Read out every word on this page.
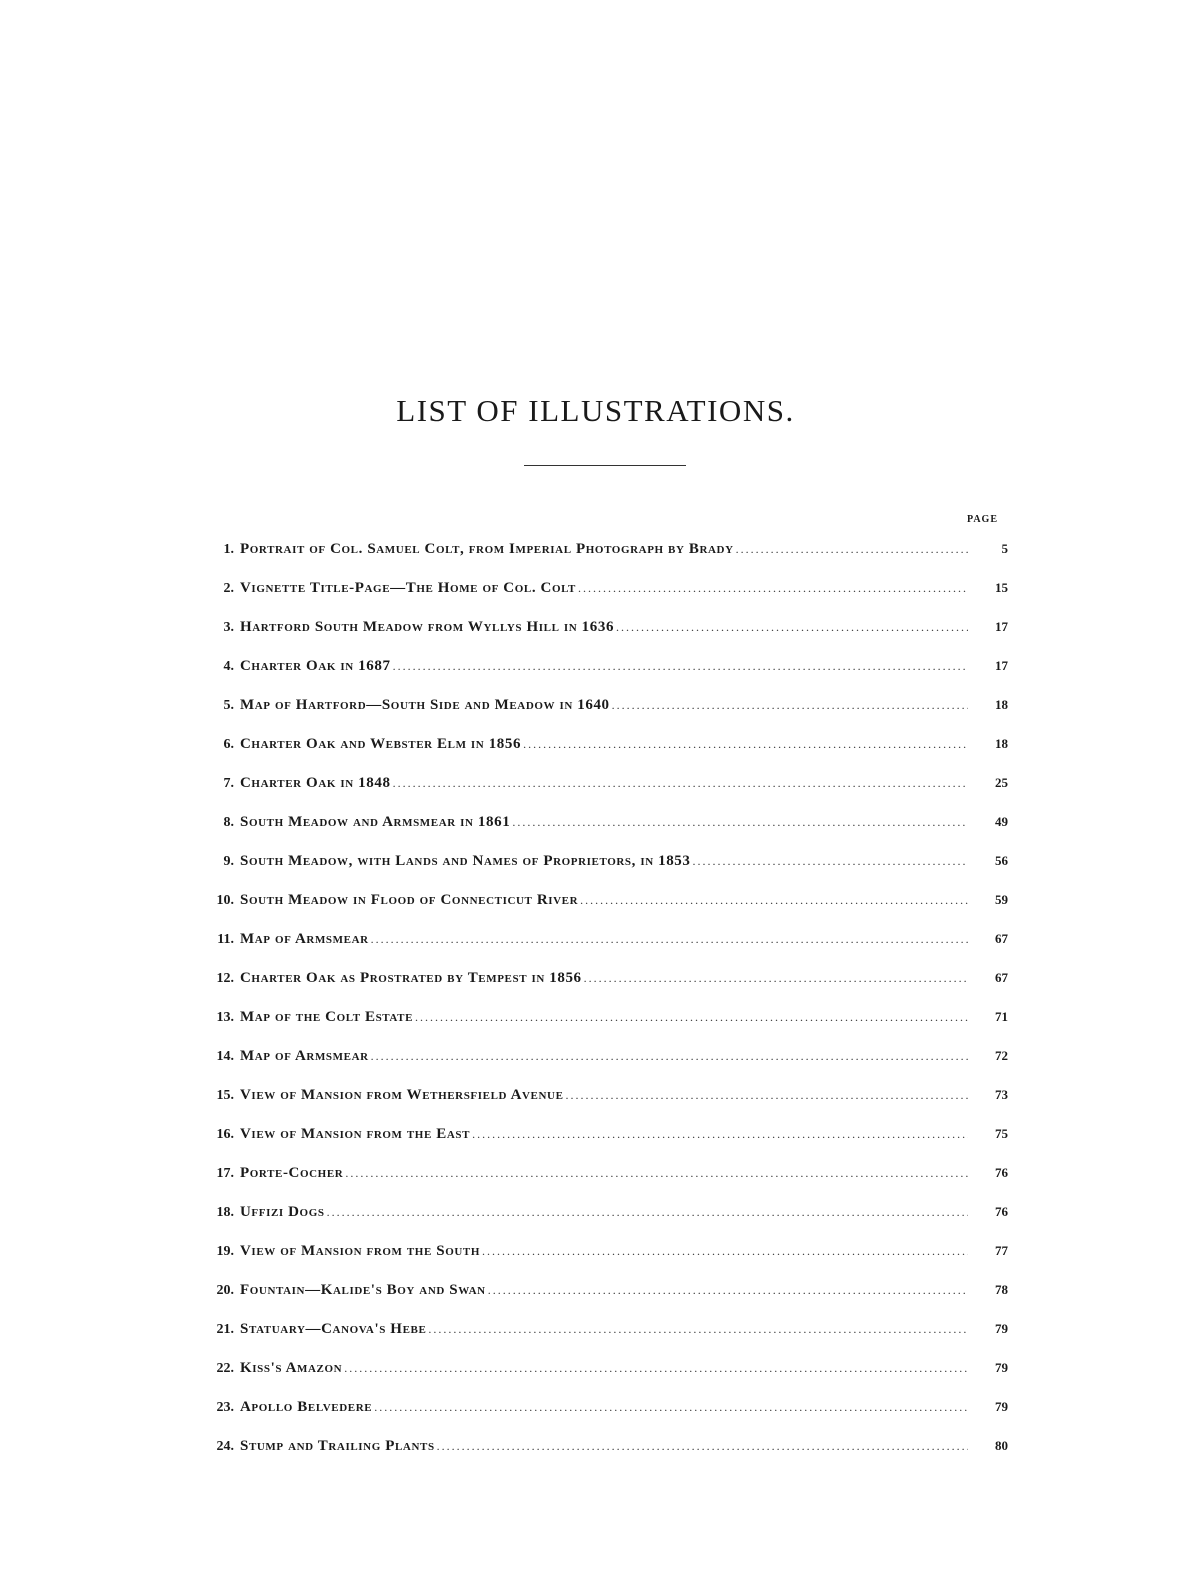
LIST OF ILLUSTRATIONS.
PAGE
1. Portrait of Col. Samuel Colt, from Imperial Photograph by Brady .....	5
2. Vignette Title-Page—The Home of Col. Colt .....	15
3. Hartford South Meadow from Wyllys Hill in 1636 .....	17
4. Charter Oak in 1687 .....	17
5. Map of Hartford—South Side and Meadow in 1640 .....	18
6. Charter Oak and Webster Elm in 1856 .....	18
7. Charter Oak in 1848 .....	25
8. South Meadow and Armsmear in 1861 .....	49
9. South Meadow, with Lands and Names of Proprietors, in 1853 .....	56
10. South Meadow in Flood of Connecticut River .....	59
11. Map of Armsmear .....	67
12. Charter Oak as Prostrated by Tempest in 1856 .....	67
13. Map of the Colt Estate .....	71
14. Map of Armsmear .....	72
15. View of Mansion from Wethersfield Avenue .....	73
16. View of Mansion from the East .....	75
17. Porte-Cocher .....	76
18. Uffizi Dogs .....	76
19. View of Mansion from the South .....	77
20. Fountain—Kalide's Boy and Swan .....	78
21. Statuary—Canova's Hebe .....	79
22. Kiss's Amazon .....	79
23. Apollo Belvedere .....	79
24. Stump and Trailing Plants .....	80
